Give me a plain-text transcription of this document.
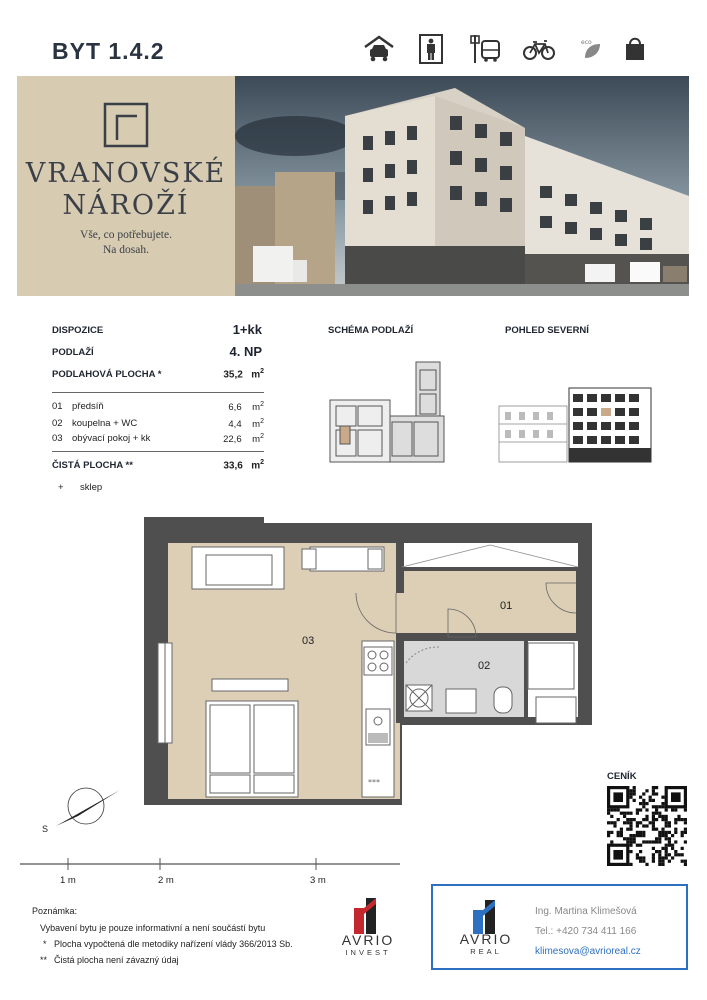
BYT 1.4.2	eco
VRANOVSKÉ
NÁROŽÍ
Vše, co potřebujete.
Na dosah.
DISPOZICE	1+kk
PODLAŽÍ	4. NP
PODLAHOVÁ PLOCHA *	35,2 $m^2$
01 předsíň	6,6 $m^2$
02 koupelna + WC	4,4 $m^2$
03 obývací pokoj + kk	22,6 $m^2$
ČISTÁ PLOCHA **	33,6 $m^2$
+ sklep
SCHÉMA PODLAŽÍ	POHLED SEVERNÍ
***
03
01
02
S
1 m	2 m	3 m
CENÍK
Poznámka:
Vybavení bytu je pouze informativní a není součástí bytu
* Plocha vypočtená dle metodiky nařízení vlády 366/2013 Sb.
** Čistá plocha není závazný údaj
AVRIO
INVEST
AVRIO
REAL
Ing. Martina Klimešová
Tel.: +420 734 411 166
klimesova@avrioreal.cz
